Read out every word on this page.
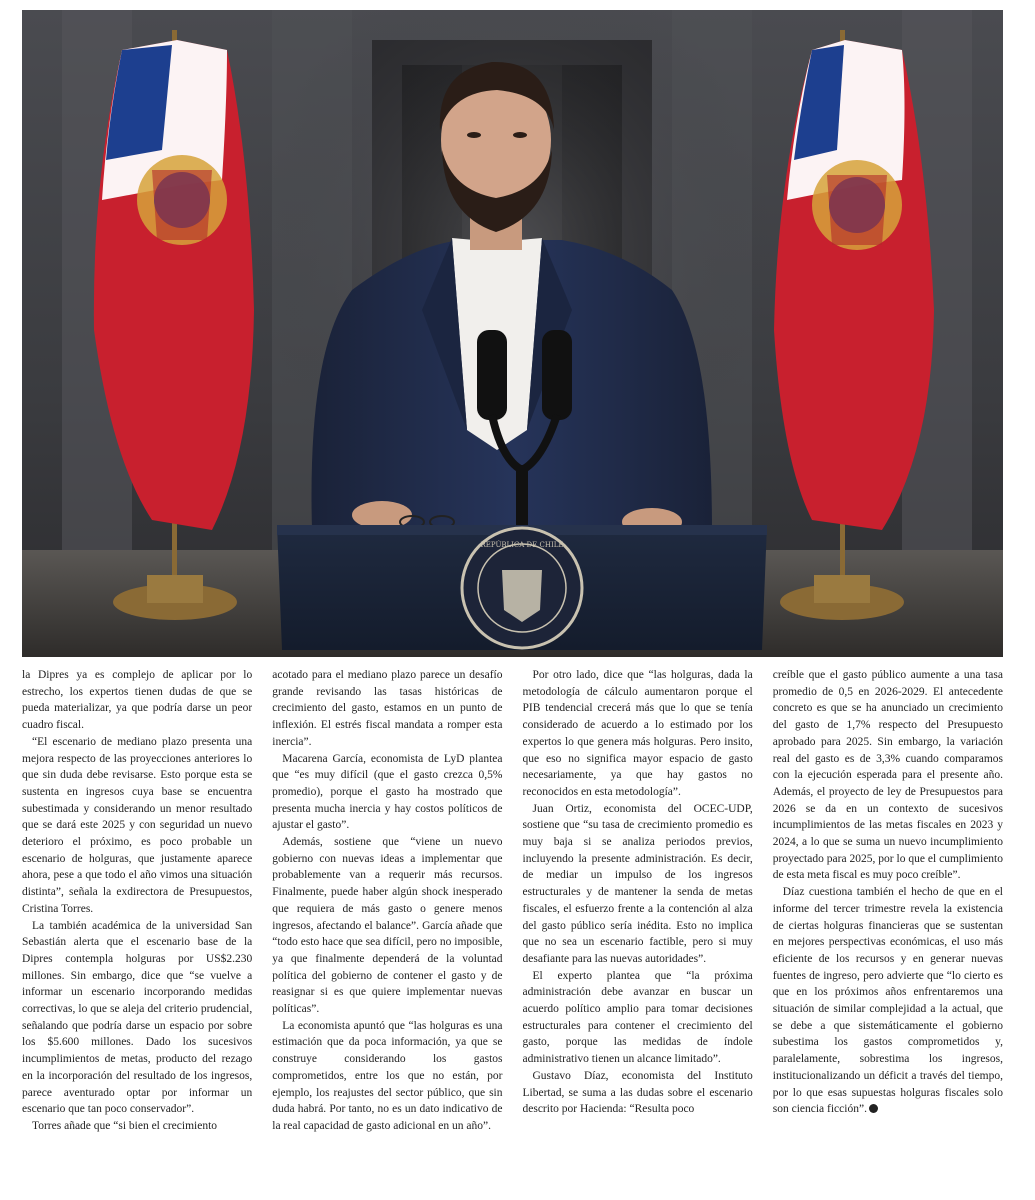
REPÚBLICA DE CHILE

la Dipres ya es complejo de aplicar por lo estrecho, los expertos tienen dudas de que se pueda materializar, ya que podría darse un peor cuadro fiscal.

“El escenario de mediano plazo presenta una mejora respecto de las proyecciones anteriores lo que sin duda debe revisarse. Esto porque esta se sustenta en ingresos cuya base se encuentra subestimada y considerando un menor resultado que se dará este 2025 y con seguridad un nuevo deterioro el próximo, es poco probable un escenario de holguras, que justamente aparece ahora, pese a que todo el año vimos una situación distinta”, señala la exdirectora de Presupuestos, Cristina Torres.

La también académica de la universidad San Sebastián alerta que el escenario base de la Dipres contempla holguras por US$2.230 millones. Sin embargo, dice que “se vuelve a informar un escenario incorporando medidas correctivas, lo que se aleja del criterio prudencial, señalando que podría darse un espacio por sobre los $5.600 millones. Dado los sucesivos incumplimientos de metas, producto del rezago en la incorporación del resultado de los ingresos, parece aventurado optar por informar un escenario que tan poco conservador”.

Torres añade que “si bien el crecimiento

acotado para el mediano plazo parece un desafío grande revisando las tasas históricas de crecimiento del gasto, estamos en un punto de inflexión. El estrés fiscal mandata a romper esta inercia”.

Macarena García, economista de LyD plantea que “es muy difícil (que el gasto crezca 0,5% promedio), porque el gasto ha mostrado que presenta mucha inercia y hay costos políticos de ajustar el gasto”.

Además, sostiene que “viene un nuevo gobierno con nuevas ideas a implementar que probablemente van a requerir más recursos. Finalmente, puede haber algún shock inesperado que requiera de más gasto o genere menos ingresos, afectando el balance”. García añade que “todo esto hace que sea difícil, pero no imposible, ya que finalmente dependerá de la voluntad política del gobierno de contener el gasto y de reasignar si es que quiere implementar nuevas políticas”.

La economista apuntó que “las holguras es una estimación que da poca información, ya que se construye considerando los gastos comprometidos, entre los que no están, por ejemplo, los reajustes del sector público, que sin duda habrá. Por tanto, no es un dato indicativo de la real capacidad de gasto adicional en un año”.

Por otro lado, dice que “las holguras, dada la metodología de cálculo aumentaron porque el PIB tendencial crecerá más que lo que se tenía considerado de acuerdo a lo estimado por los expertos lo que genera más holguras. Pero insito, que eso no significa mayor espacio de gasto necesariamente, ya que hay gastos no reconocidos en esta metodología”.

Juan Ortiz, economista del OCEC-UDP, sostiene que “su tasa de crecimiento promedio es muy baja si se analiza periodos previos, incluyendo la presente administración. Es decir, de mediar un impulso de los ingresos estructurales y de mantener la senda de metas fiscales, el esfuerzo frente a la contención al alza del gasto público sería inédita. Esto no implica que no sea un escenario factible, pero si muy desafiante para las nuevas autoridades”.

El experto plantea que “la próxima administración debe avanzar en buscar un acuerdo político amplio para tomar decisiones estructurales para contener el crecimiento del gasto, porque las medidas de índole administrativo tienen un alcance limitado”.

Gustavo Díaz, economista del Instituto Libertad, se suma a las dudas sobre el escenario descrito por Hacienda: “Resulta poco

creíble que el gasto público aumente a una tasa promedio de 0,5 en 2026-2029. El antecedente concreto es que se ha anunciado un crecimiento del gasto de 1,7% respecto del Presupuesto aprobado para 2025. Sin embargo, la variación real del gasto es de 3,3% cuando comparamos con la ejecución esperada para el presente año. Además, el proyecto de ley de Presupuestos para 2026 se da en un contexto de sucesivos incumplimientos de las metas fiscales en 2023 y 2024, a lo que se suma un nuevo incumplimiento proyectado para 2025, por lo que el cumplimiento de esta meta fiscal es muy poco creíble”.

Díaz cuestiona también el hecho de que en el informe del tercer trimestre revela la existencia de ciertas holguras financieras que se sustentan en mejores perspectivas económicas, el uso más eficiente de los recursos y en generar nuevas fuentes de ingreso, pero advierte que “lo cierto es que en los próximos años enfrentaremos una situación de similar complejidad a la actual, que se debe a que sistemáticamente el gobierno subestima los gastos comprometidos y, paralelamente, sobrestima los ingresos, institucionalizando un déficit a través del tiempo, por lo que esas supuestas holguras fiscales solo son ciencia ficción”.
